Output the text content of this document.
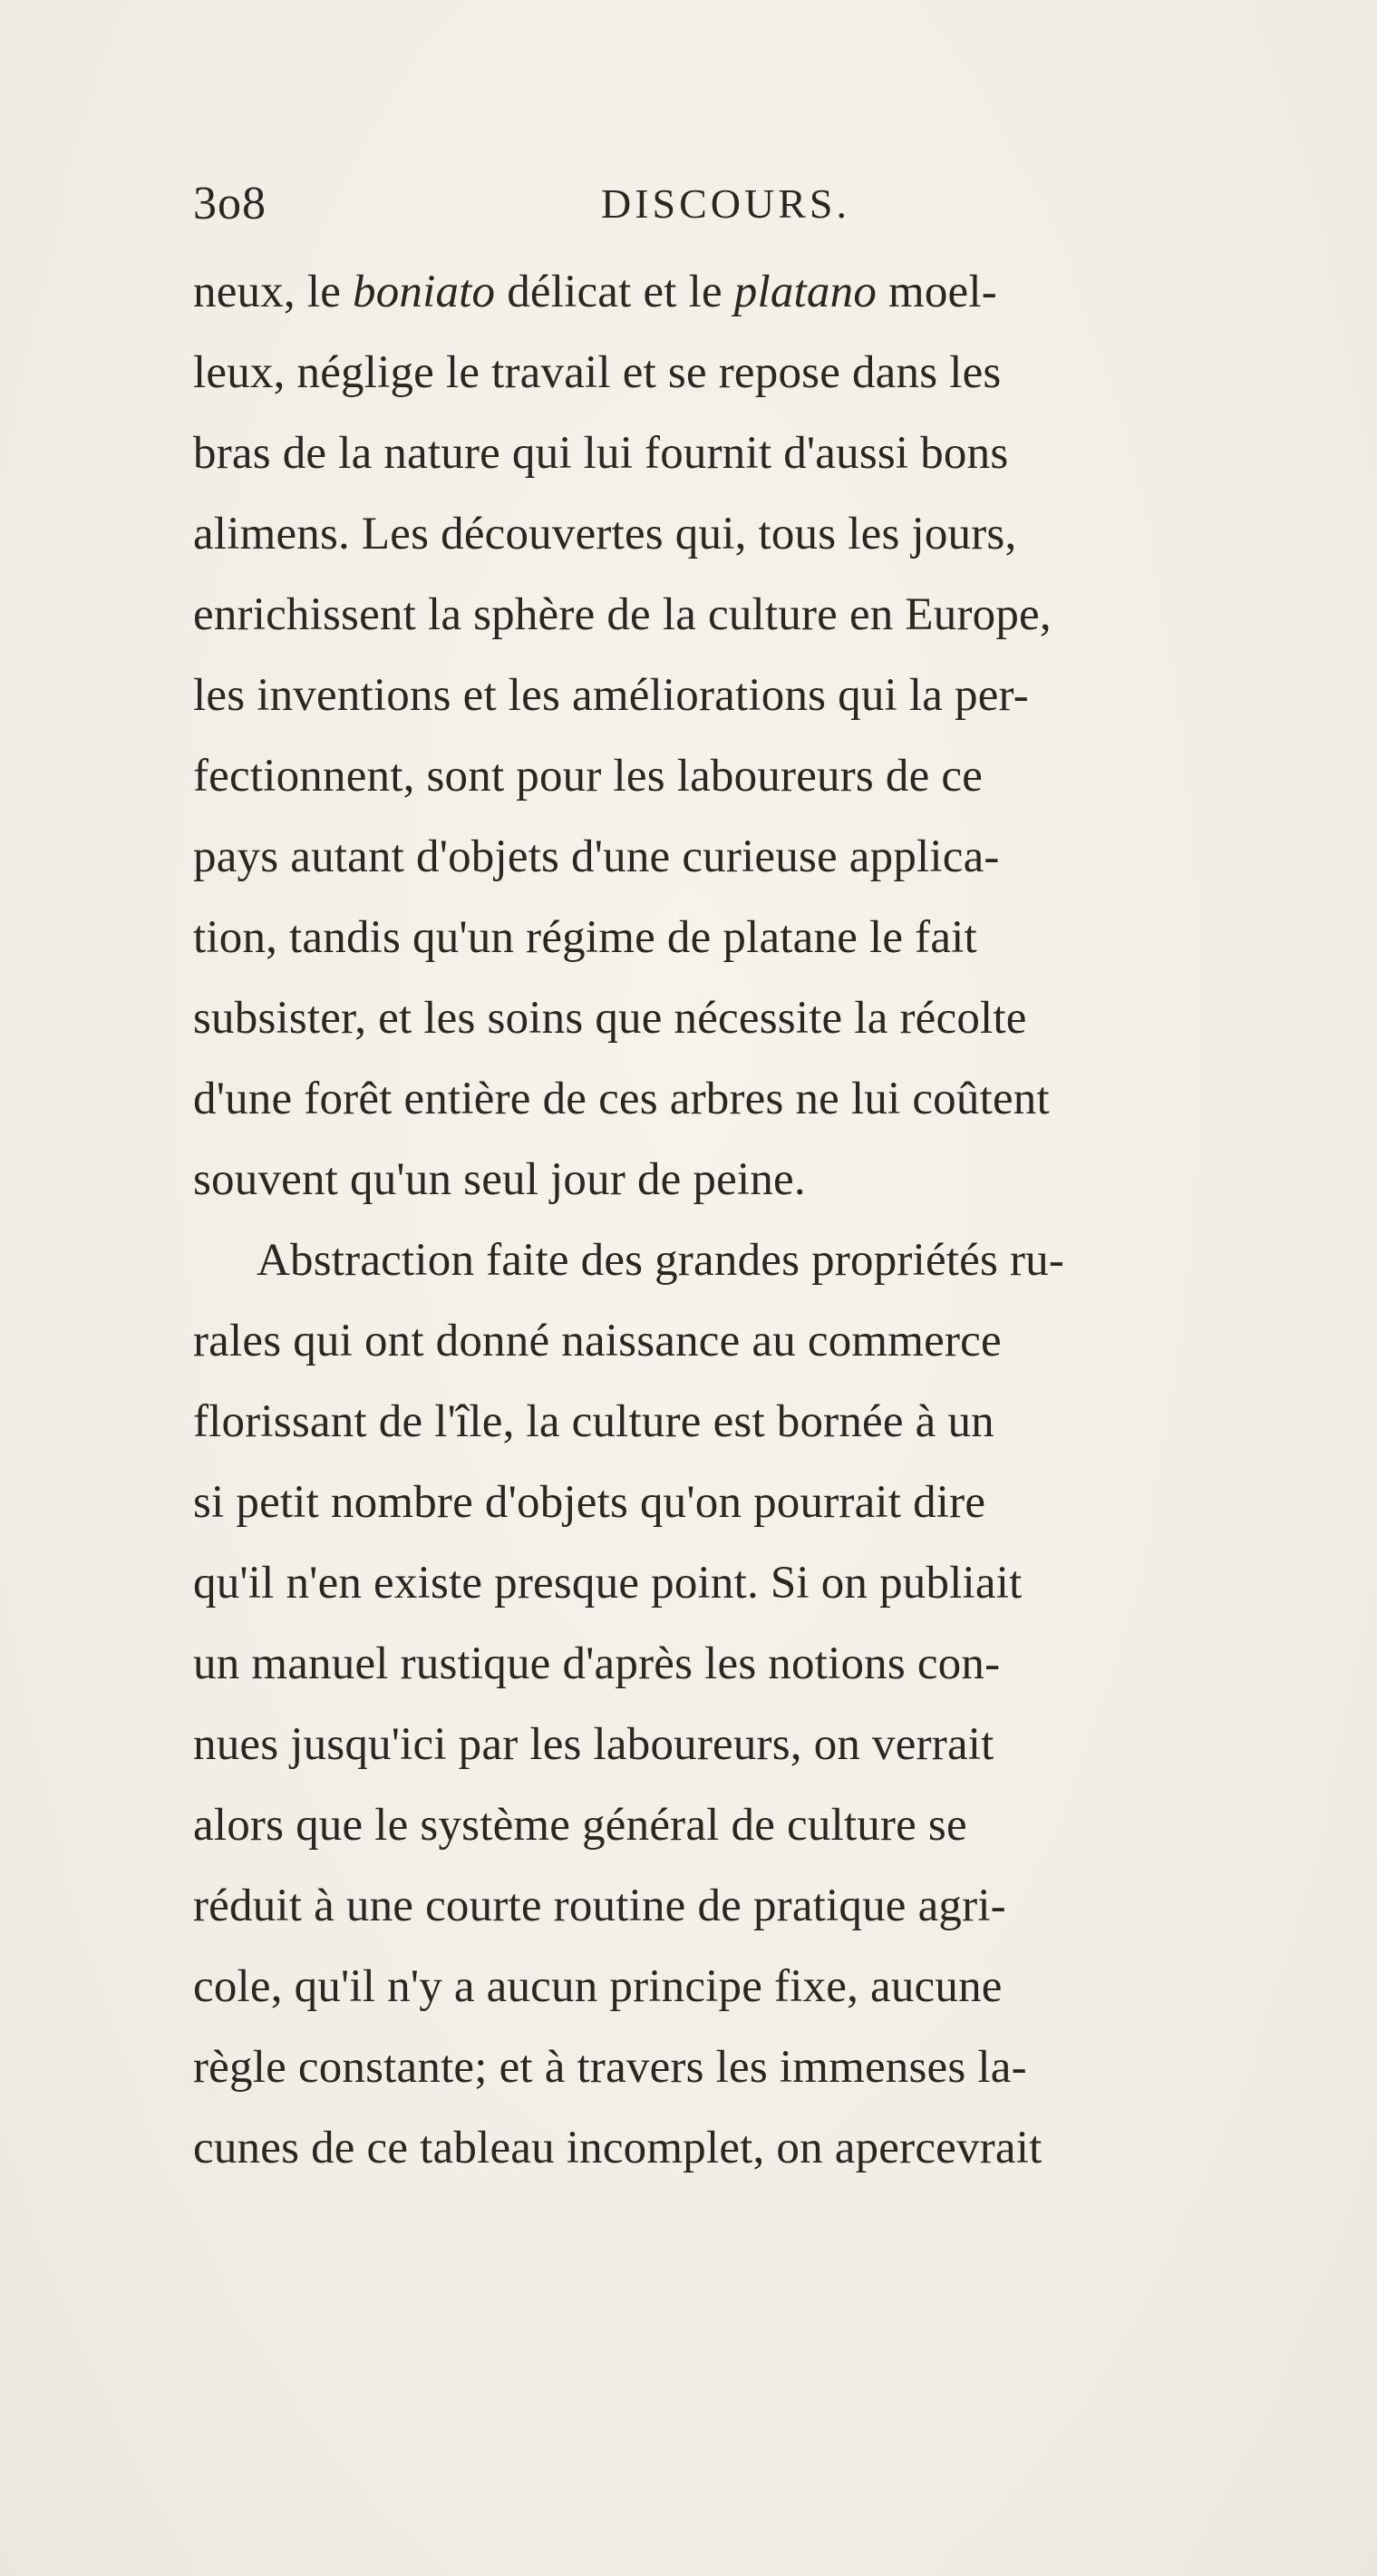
3o8	DISCOURS.
neux, le boniato délicat et le platano moel-
leux, néglige le travail et se repose dans les
bras de la nature qui lui fournit d'aussi bons
alimens. Les découvertes qui, tous les jours,
enrichissent la sphère de la culture en Europe,
les inventions et les améliorations qui la per-
fectionnent, sont pour les laboureurs de ce
pays autant d'objets d'une curieuse applica-
tion, tandis qu'un régime de platane le fait
subsister, et les soins que nécessite la récolte
d'une forêt entière de ces arbres ne lui coûtent
souvent qu'un seul jour de peine.
Abstraction faite des grandes propriétés ru-
rales qui ont donné naissance au commerce
florissant de l'île, la culture est bornée à un
si petit nombre d'objets qu'on pourrait dire
qu'il n'en existe presque point. Si on publiait
un manuel rustique d'après les notions con-
nues jusqu'ici par les laboureurs, on verrait
alors que le système général de culture se
réduit à une courte routine de pratique agri-
cole, qu'il n'y a aucun principe fixe, aucune
règle constante; et à travers les immenses la-
cunes de ce tableau incomplet, on apercevrait
